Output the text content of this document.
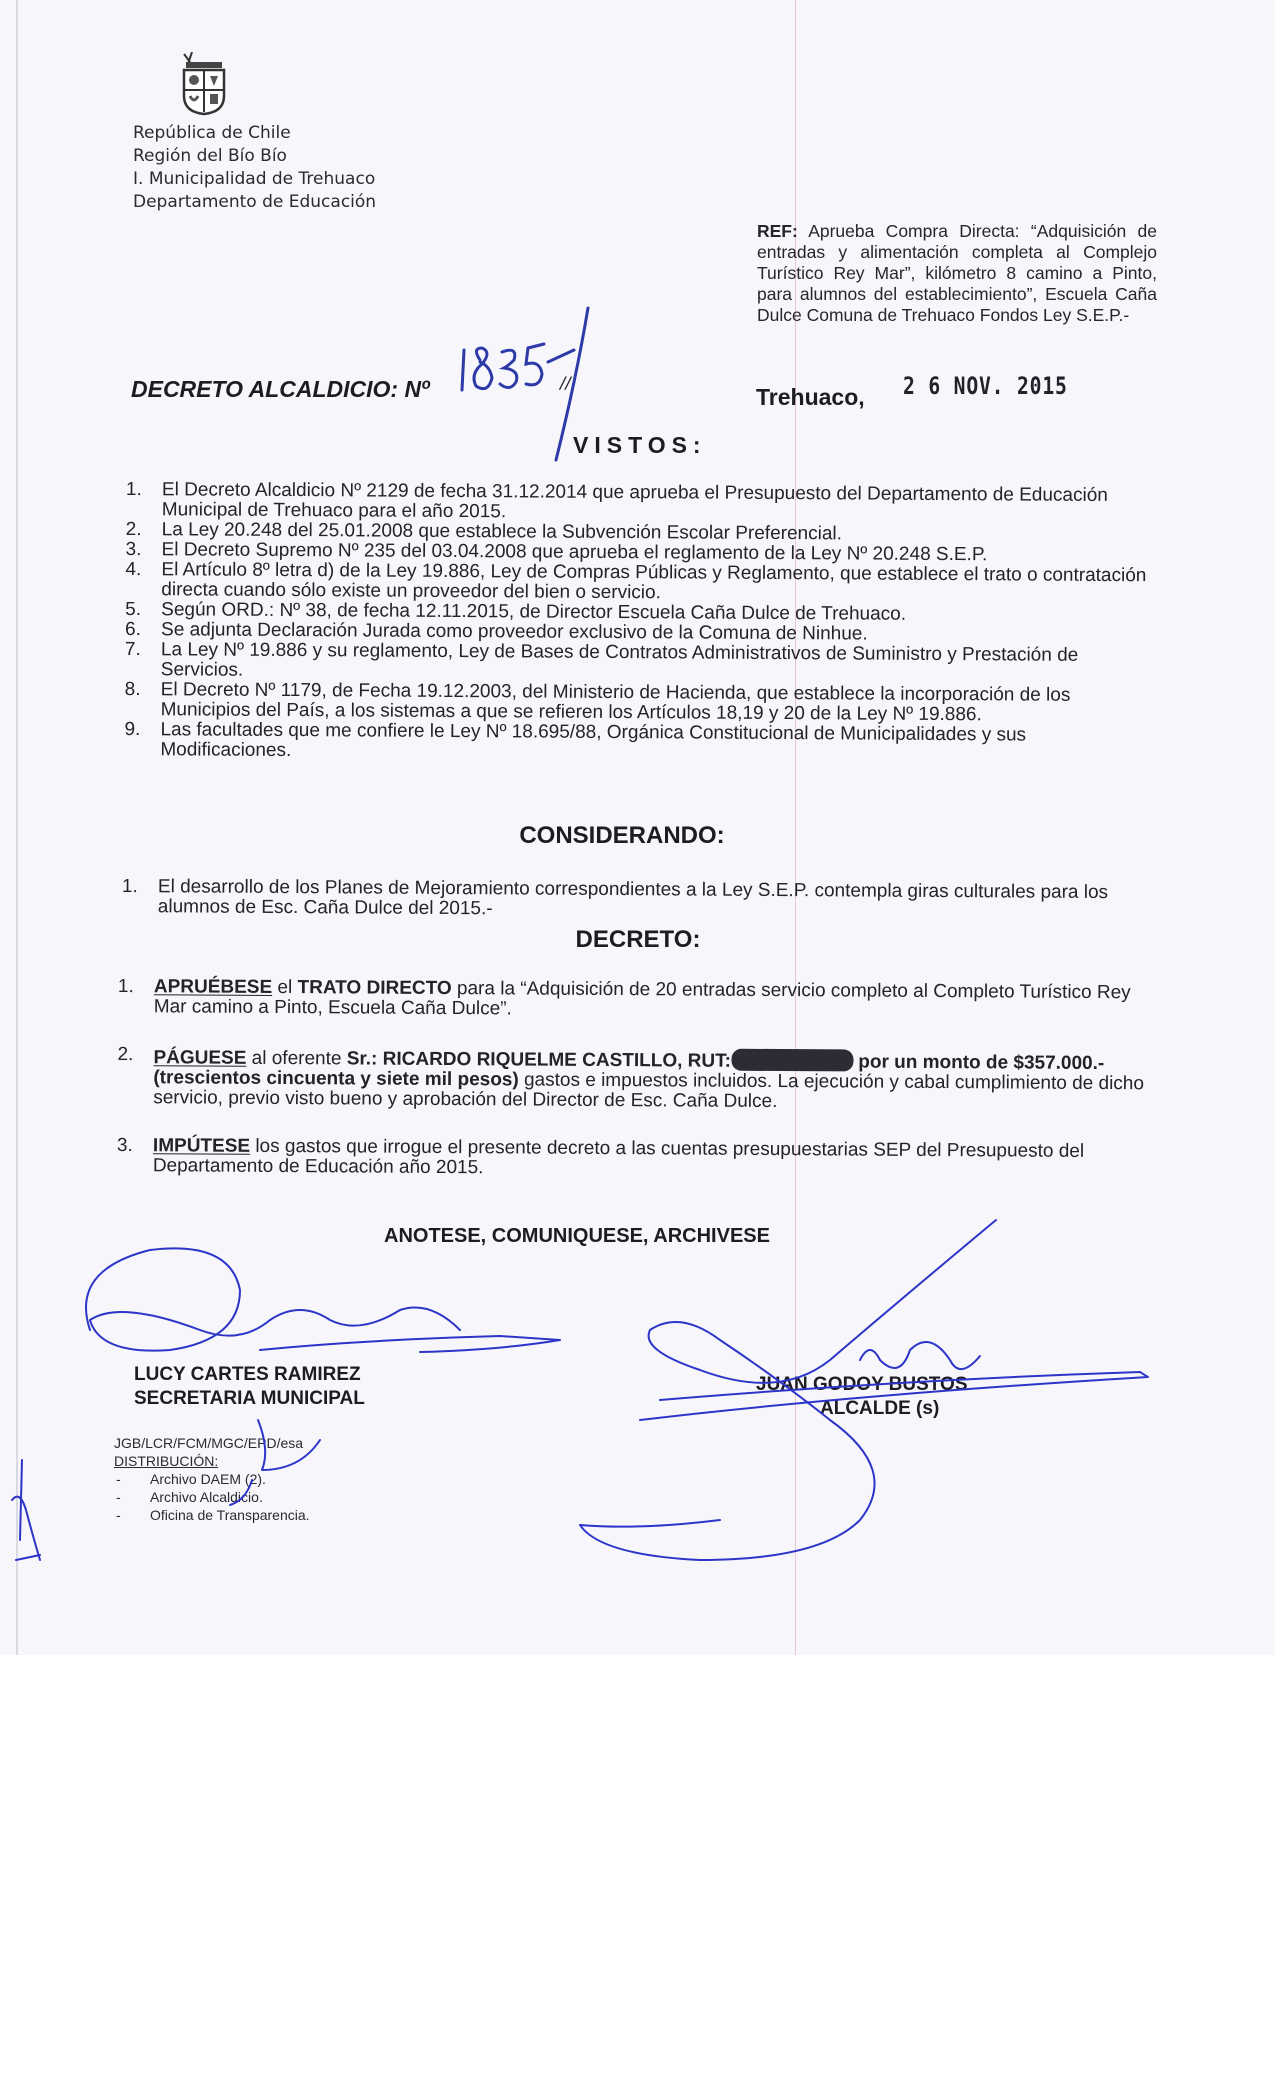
República de Chile
Región del Bío Bío
I. Municipalidad de Trehuaco
Departamento de Educación
REF: Aprueba Compra Directa: “Adquisición de entradas y alimentación completa al Complejo Turístico Rey Mar”, kilómetro 8 camino a Pinto, para alumnos del establecimiento”, Escuela Caña Dulce Comuna de Trehuaco Fondos Ley S.E.P.-
DECRETO ALCALDICIO: Nº	//
Trehuaco, 2 6 NOV. 2015
VISTOS:
1. El Decreto Alcaldicio Nº 2129 de fecha 31.12.2014 que aprueba el Presupuesto del Departamento de Educación Municipal de Trehuaco para el año 2015.
2. La Ley 20.248 del 25.01.2008 que establece la Subvención Escolar Preferencial.
3. El Decreto Supremo Nº 235 del 03.04.2008 que aprueba el reglamento de la Ley Nº 20.248 S.E.P.
4. El Artículo 8º letra d) de la Ley 19.886, Ley de Compras Públicas y Reglamento, que establece el trato o contratación directa cuando sólo existe un proveedor del bien o servicio.
5. Según ORD.: Nº 38, de fecha 12.11.2015, de Director Escuela Caña Dulce de Trehuaco.
6. Se adjunta Declaración Jurada como proveedor exclusivo de la Comuna de Ninhue.
7. La Ley Nº 19.886 y su reglamento, Ley de Bases de Contratos Administrativos de Suministro y Prestación de Servicios.
8. El Decreto Nº 1179, de Fecha 19.12.2003, del Ministerio de Hacienda, que establece la incorporación de los Municipios del País, a los sistemas a que se refieren los Artículos 18,19 y 20 de la Ley Nº 19.886.
9. Las facultades que me confiere le Ley Nº 18.695/88, Orgánica Constitucional de Municipalidades y sus Modificaciones.
CONSIDERANDO:
1. El desarrollo de los Planes de Mejoramiento correspondientes a la Ley S.E.P. contempla giras culturales para los alumnos de Esc. Caña Dulce del 2015.-
DECRETO:
1. APRUÉBESE el TRATO DIRECTO para la “Adquisición de 20 entradas servicio completo al Completo Turístico Rey Mar camino a Pinto, Escuela Caña Dulce”.
2. PÁGUESE al oferente Sr.: RICARDO RIQUELME CASTILLO, RUT:	por un monto de $357.000.- (trescientos cincuenta y siete mil pesos) gastos e impuestos incluidos. La ejecución y cabal cumplimiento de dicho servicio, previo visto bueno y aprobación del Director de Esc. Caña Dulce.
3. IMPÚTESE los gastos que irrogue el presente decreto a las cuentas presupuestarias SEP del Presupuesto del Departamento de Educación año 2015.
ANOTESE, COMUNIQUESE, ARCHIVESE
LUCY CARTES RAMIREZ
SECRETARIA MUNICIPAL
JUAN GODOY BUSTOS
ALCALDE (s)
JGB/LCR/FCM/MGC/EPD/esa
DISTRIBUCIÓN:
- Archivo DAEM (2).
- Archivo Alcaldicio.
- Oficina de Transparencia.
